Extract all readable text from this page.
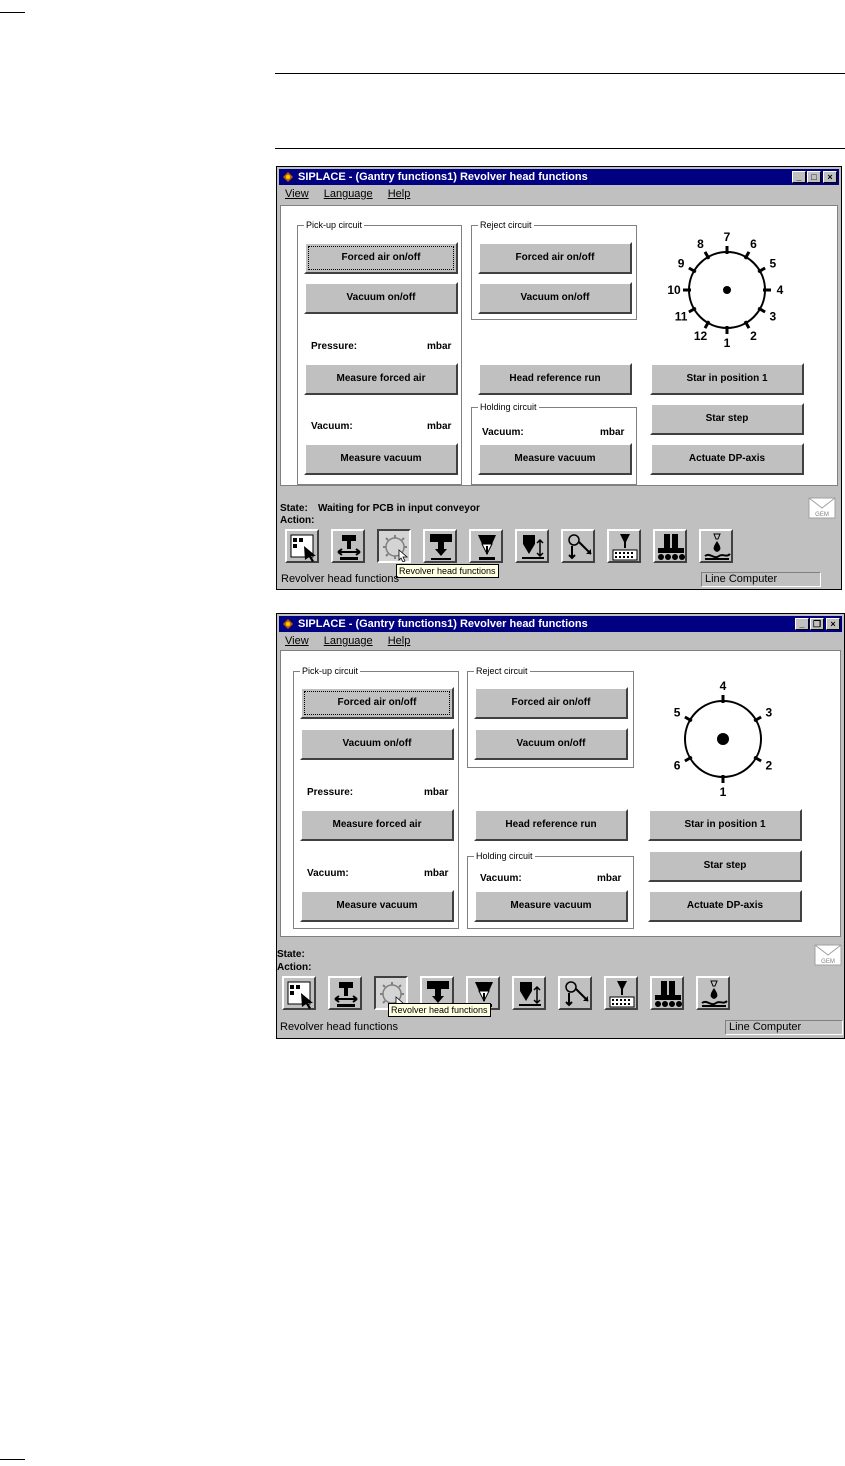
SIPLACE - (Gantry functions1) Revolver head functions	_ □ ×
View Language Help
Pick-up circuit
Forced air on/off
Vacuum on/off
Pressure:	mbar
Measure forced air
Vacuum:	mbar
Measure vacuum
Reject circuit
Forced air on/off
Vacuum on/off
Head reference run
Holding circuit
Vacuum:	mbar
Measure vacuum
1
2
3
4
5
6
7
8
9
10
11
12
Star in position 1
Star step
Actuate DP-axis
State: Waiting for PCB in input conveyor
Action:	GEM
Revolver head functions
Revolver head functions	Line Computer
SIPLACE - (Gantry functions1) Revolver head functions	_ ❐ ×
View Language Help
Pick-up circuit
Forced air on/off
Vacuum on/off
Pressure:	mbar
Measure forced air
Vacuum:	mbar
Measure vacuum
Reject circuit
Forced air on/off
Vacuum on/off
Head reference run
Holding circuit
Vacuum:	mbar
Measure vacuum
1
2
3
4
5
6
Star in position 1
Star step
Actuate DP-axis
State:
Action:	GEM
Revolver head functions
Revolver head functions	Line Computer
